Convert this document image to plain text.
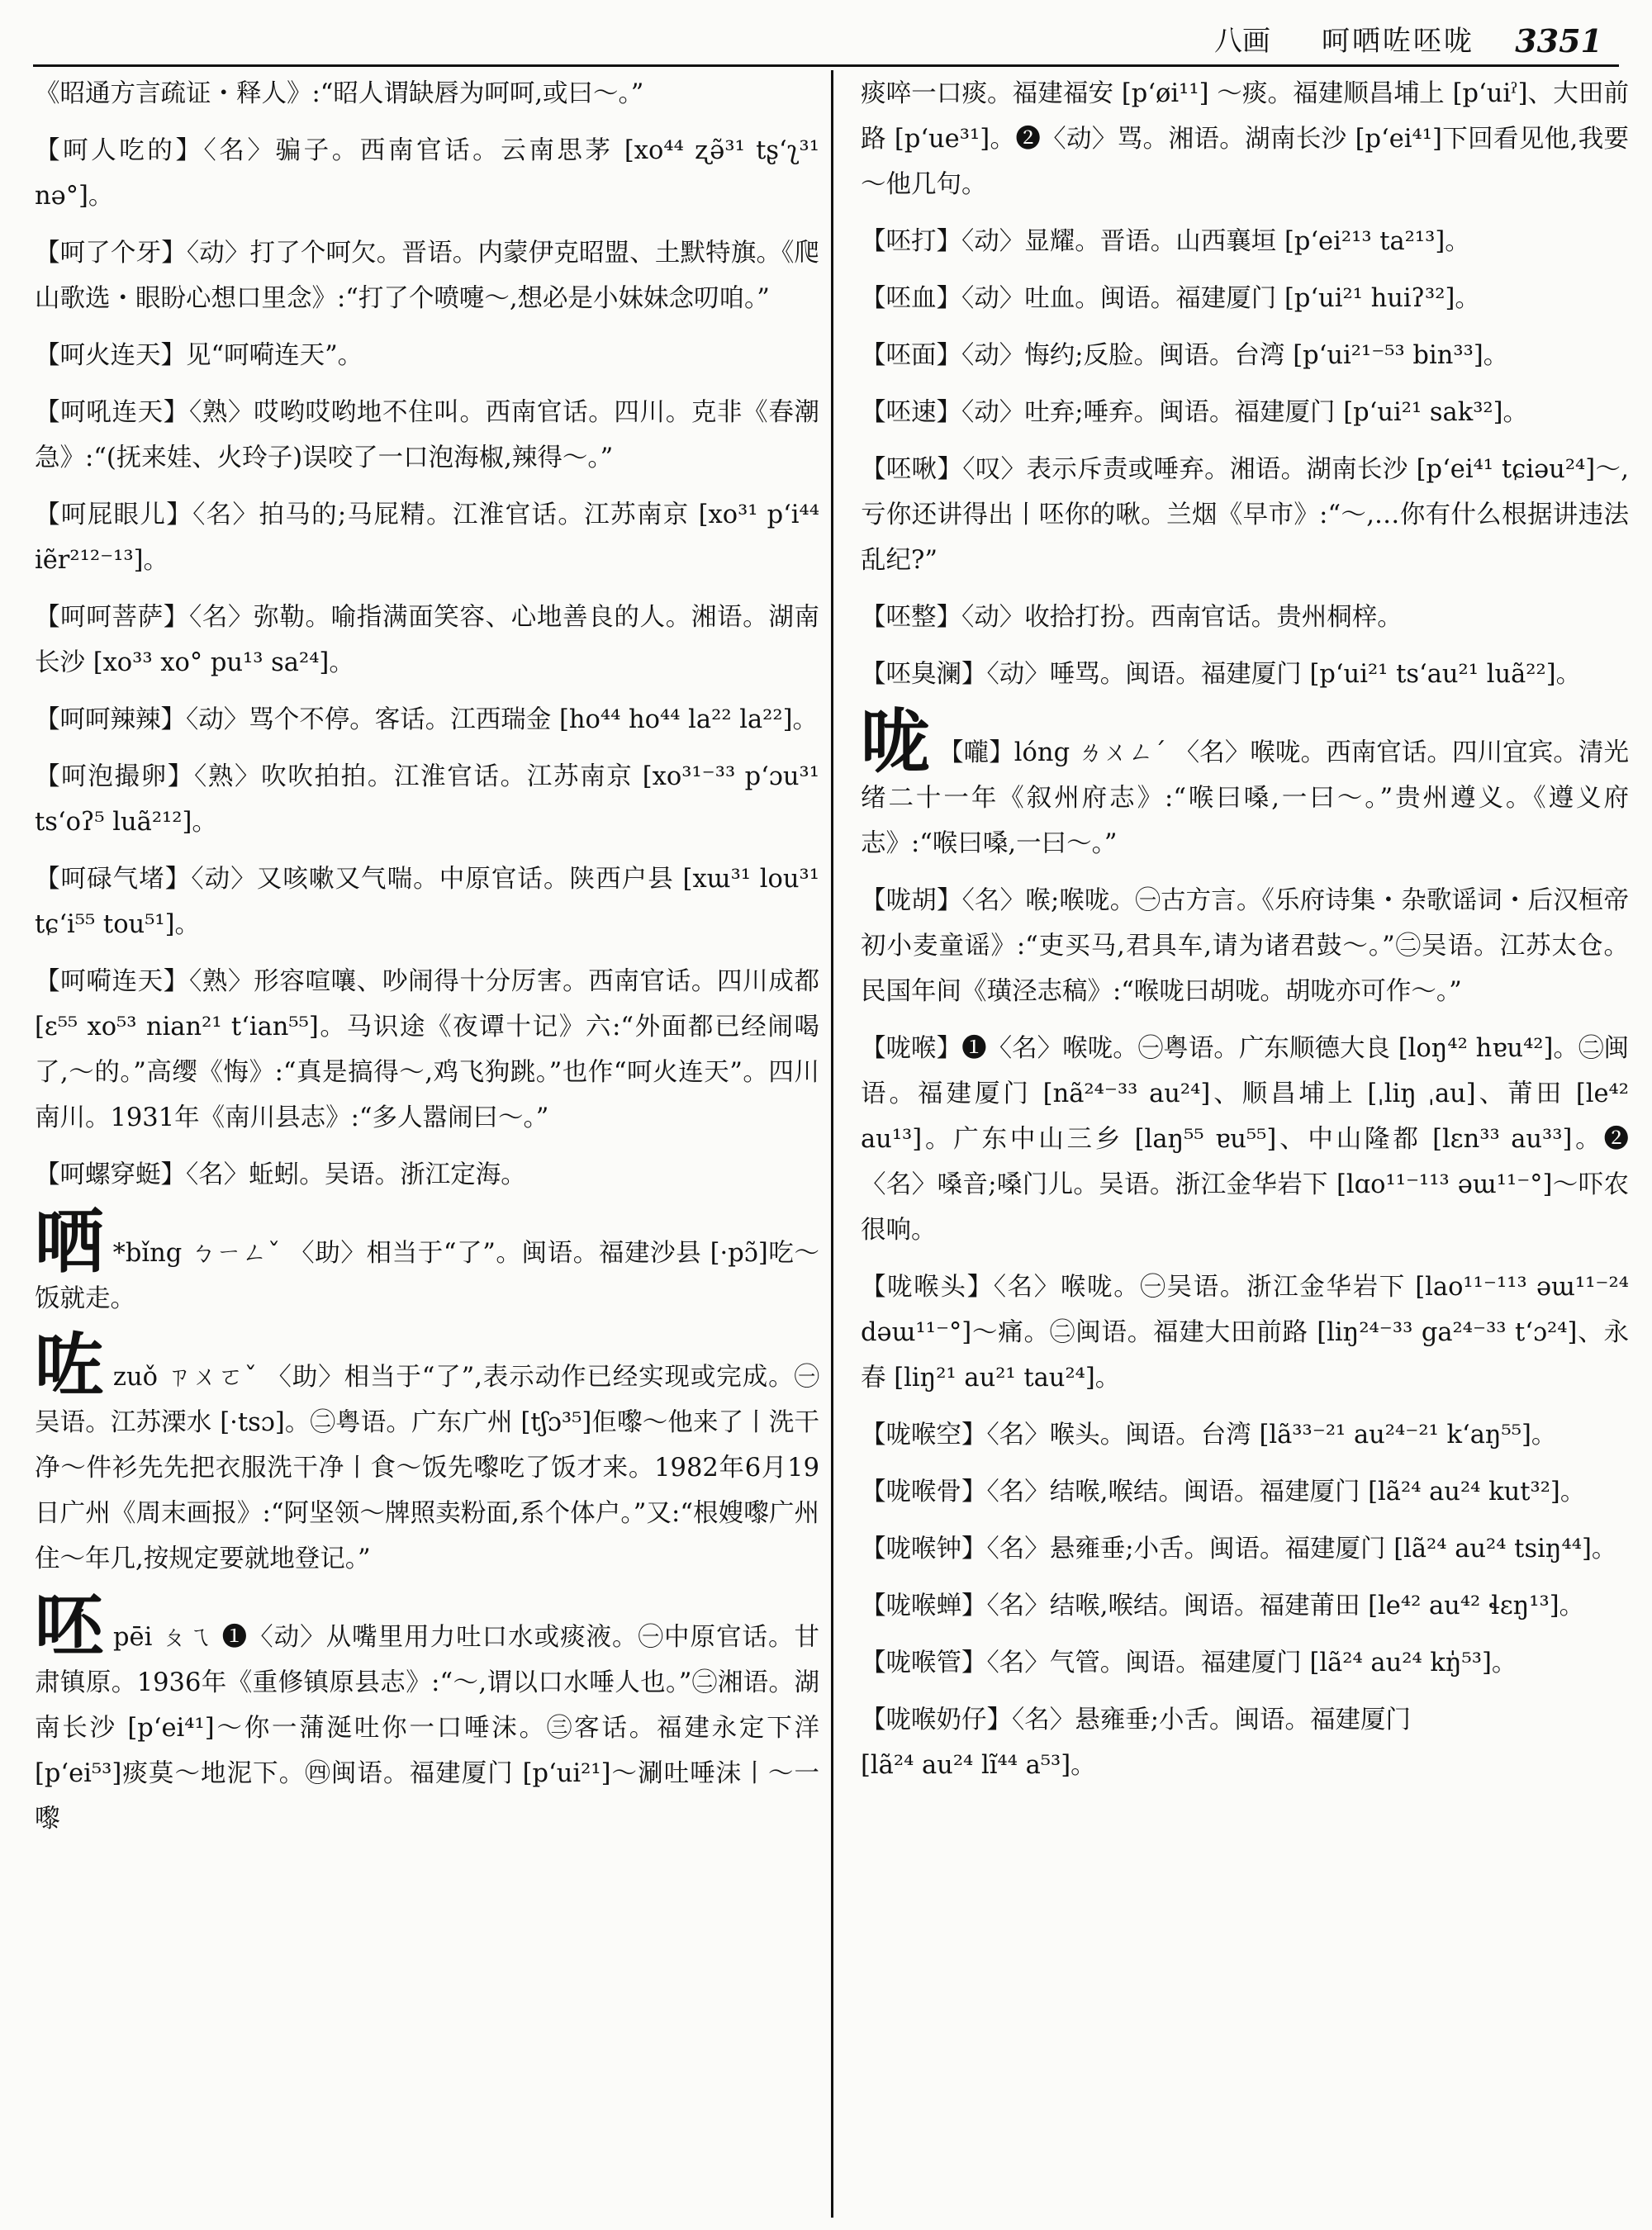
八画 呵哂咗呸咙 3351

《昭通方言疏证・释人》:“昭人谓缺唇为呵呵,或曰～。”

【呵人吃的】〈名〉骗子。西南官话。云南思茅 [xo⁴⁴ ʐə̃³¹ tʂʻʅ³¹ nə°]。

【呵了个牙】〈动〉打了个呵欠。晋语。内蒙伊克昭盟、土默特旗。《爬山歌选・眼盼心想口里念》:“打了个喷嚏～,想必是小妹妹念叨咱。”

【呵火连天】见“呵嗬连天”。

【呵吼连天】〈熟〉哎哟哎哟地不住叫。西南官话。四川。克非《春潮急》:“(抚来娃、火玲子)误咬了一口泡海椒,辣得～。”

【呵屁眼儿】〈名〉拍马的;马屁精。江淮官话。江苏南京 [xo³¹ pʻi⁴⁴ iẽr²¹²⁻¹³]。

【呵呵菩萨】〈名〉弥勒。喻指满面笑容、心地善良的人。湘语。湖南长沙 [xo³³ xo° pu¹³ sa²⁴]。

【呵呵辣辣】〈动〉骂个不停。客话。江西瑞金 [ho⁴⁴ ho⁴⁴ la²² la²²]。

【呵泡撮卵】〈熟〉吹吹拍拍。江淮官话。江苏南京 [xo³¹⁻³³ pʻɔu³¹ tsʻoʔ⁵ luã²¹²]。

【呵碌气堵】〈动〉又咳嗽又气喘。中原官话。陕西户县 [xɯ³¹ lou³¹ tɕʻi⁵⁵ tou⁵¹]。

【呵嗬连天】〈熟〉形容喧嚷、吵闹得十分厉害。西南官话。四川成都 [ɛ⁵⁵ xo⁵³ nian²¹ tʻian⁵⁵]。马识途《夜谭十记》六:“外面都已经闹喝了,～的。”高缨《悔》:“真是搞得～,鸡飞狗跳。”也作“呵火连天”。四川南川。1931年《南川县志》:“多人嚣闹曰～。”

【呵螺穿蜓】〈名〉蚯蚓。吴语。浙江定海。

哂 *bǐng ㄅㄧㄥˇ 〈助〉相当于“了”。闽语。福建沙县 [·pɔ̃]吃～饭就走。

咗zuǒ ㄗㄨㄛˇ 〈助〉相当于“了”,表示动作已经实现或完成。㊀吴语。江苏溧水 [·tsɔ]。㊁粤语。广东广州 [tʃɔ³⁵]佢嚟～他来了丨洗干净～件衫先先把衣服洗干净丨食～饭先嚟吃了饭才来。1982年6月19日广州《周末画报》:“阿坚领～牌照卖粉面,系个体户。”又:“根嫂嚟广州住～年几,按规定要就地登记。”

呸pēi ㄆㄟ ❶〈动〉从嘴里用力吐口水或痰液。㊀中原官话。甘肃镇原。1936年《重修镇原县志》:“～,谓以口水唾人也。”㊁湘语。湖南长沙 [pʻei⁴¹]～你一蒲涎吐你一口唾沫。㊂客话。福建永定下洋 [pʻei⁵³]痰莫～地泥下。㊃闽语。福建厦门 [pʻui²¹]～涮吐唾沫丨～一嚟

痰啐一口痰。福建福安 [pʻøi¹¹] ～痰。福建顺昌埔上 [pʻuiˀ]、大田前路 [pʻue³¹]。❷〈动〉骂。湘语。湖南长沙 [pʻei⁴¹]下回看见他,我要～他几句。

【呸打】〈动〉显耀。晋语。山西襄垣 [pʻei²¹³ ta²¹³]。

【呸血】〈动〉吐血。闽语。福建厦门 [pʻui²¹ huiʔ³²]。

【呸面】〈动〉悔约;反脸。闽语。台湾 [pʻui²¹⁻⁵³ bin³³]。

【呸速】〈动〉吐弃;唾弃。闽语。福建厦门 [pʻui²¹ sak³²]。

【呸啾】〈叹〉表示斥责或唾弃。湘语。湖南长沙 [pʻei⁴¹ tɕiəu²⁴]～,亏你还讲得出丨呸你的啾。兰烟《早市》:“～,…你有什么根据讲违法乱纪?”

【呸整】〈动〉收拾打扮。西南官话。贵州桐梓。

【呸臭澜】〈动〉唾骂。闽语。福建厦门 [pʻui²¹ tsʻau²¹ luã²²]。

咙 【嚨】lóng ㄌㄨㄥˊ 〈名〉喉咙。西南官话。四川宜宾。清光绪二十一年《叙州府志》:“喉曰嗓,一曰～。”贵州遵义。《遵义府志》:“喉曰嗓,一曰～。”

【咙胡】〈名〉喉;喉咙。㊀古方言。《乐府诗集・杂歌谣词・后汉桓帝初小麦童谣》:“吏买马,君具车,请为诸君鼓～。”㊁吴语。江苏太仓。民国年间《璜泾志稿》:“喉咙曰胡咙。胡咙亦可作～。”

【咙喉】❶〈名〉喉咙。㊀粤语。广东顺德大良 [loŋ⁴² hɐu⁴²]。㊁闽语。福建厦门 [nã²⁴⁻³³ au²⁴]、顺昌埔上 [ˌliŋ ˌau]、莆田 [le⁴² au¹³]。广东中山三乡 [laŋ⁵⁵ ɐu⁵⁵]、中山隆都 [lɛn³³ au³³]。❷〈名〉嗓音;嗓门儿。吴语。浙江金华岩下 [lɑo¹¹⁻¹¹³ əɯ¹¹⁻°]～吓农很响。

【咙喉头】〈名〉喉咙。㊀吴语。浙江金华岩下 [lao¹¹⁻¹¹³ əɯ¹¹⁻²⁴ dəɯ¹¹⁻°]～痛。㊁闽语。福建大田前路 [liŋ²⁴⁻³³ ga²⁴⁻³³ tʻɔ²⁴]、永春 [liŋ²¹ au²¹ tau²⁴]。

【咙喉空】〈名〉喉头。闽语。台湾 [lã³³⁻²¹ au²⁴⁻²¹ kʻaŋ⁵⁵]。

【咙喉骨】〈名〉结喉,喉结。闽语。福建厦门 [lã²⁴ au²⁴ kut³²]。

【咙喉钟】〈名〉悬雍垂;小舌。闽语。福建厦门 [lã²⁴ au²⁴ tsiŋ⁴⁴]。

【咙喉蝉】〈名〉结喉,喉结。闽语。福建莆田 [le⁴² au⁴² ɬɛŋ¹³]。

【咙喉管】〈名〉气管。闽语。福建厦门 [lã²⁴ au²⁴ kŋ̍⁵³]。

【咙喉奶仔】〈名〉悬雍垂;小舌。闽语。福建厦门

[lã²⁴ au²⁴ lĩ⁴⁴ a⁵³]。
